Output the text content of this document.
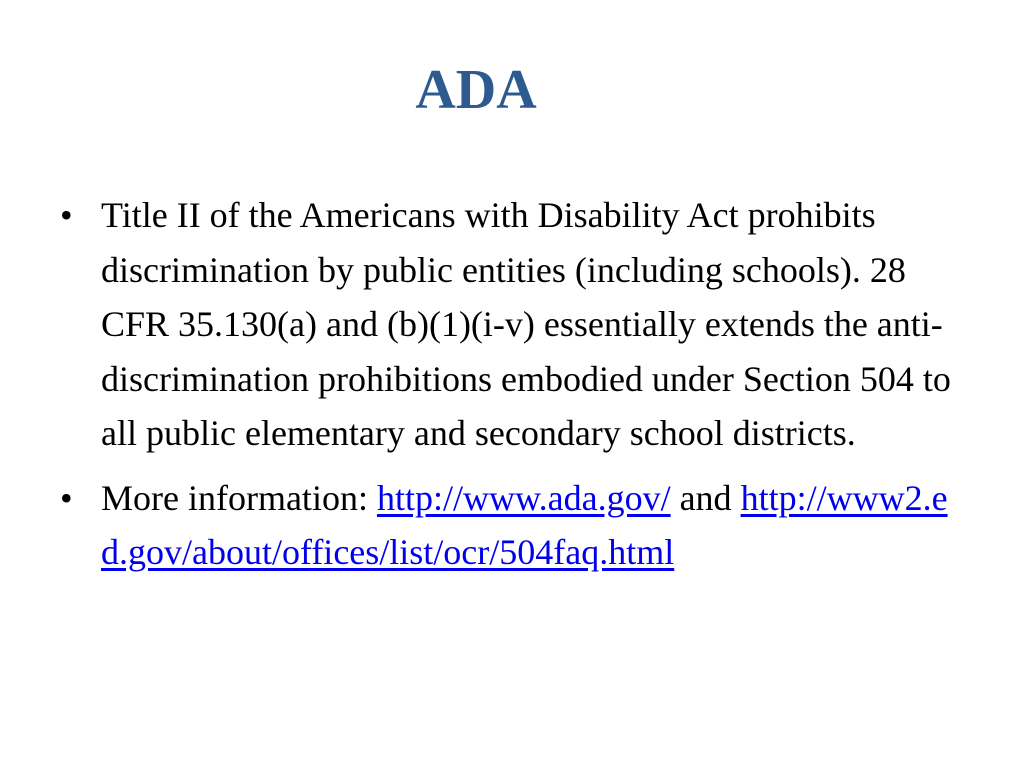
ADA
• Title II of the Americans with Disability Act prohibits discrimination by public entities (including schools). 28 CFR 35.130(a) and (b)(1)(i-v) essentially extends the anti-discrimination prohibitions embodied under Section 504 to all public elementary and secondary school districts.
• More information: http://www.ada.gov/ and http://www2.ed.gov/about/offices/list/ocr/504faq.html
